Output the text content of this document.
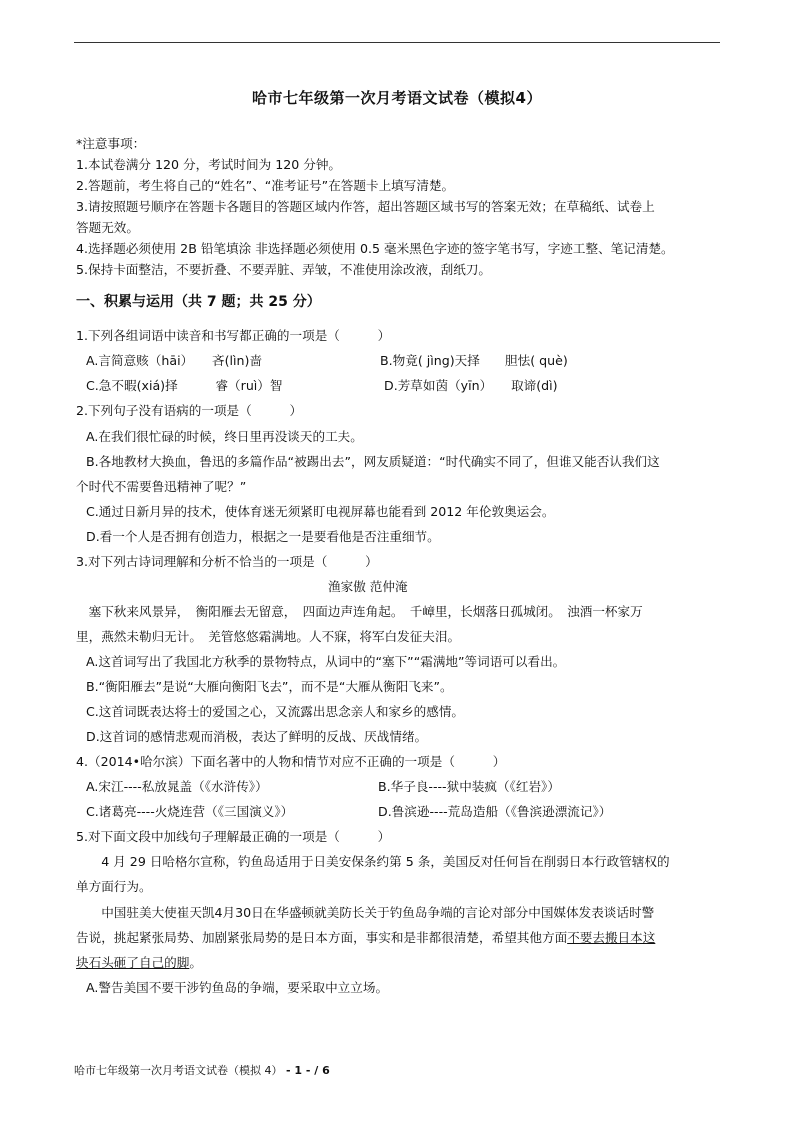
哈市七年级第一次月考语文试卷（模拟4）
*注意事项：
1.本试卷满分 120 分，考试时间为 120 分钟。
2.答题前，考生将自己的“姓名”、“准考证号”在答题卡上填写清楚。
3.请按照题号顺序在答题卡各题目的答题区域内作答，超出答题区域书写的答案无效；在草稿纸、试卷上
答题无效。
4.选择题必须使用 2B 铅笔填涂 非选择题必须使用 0.5 毫米黑色字迹的签字笔书写，字迹工整、笔记清楚。
5.保持卡面整洁，不要折叠、不要弄脏、弄皱，不准使用涂改液，刮纸刀。
一、积累与运用（共 7 题；共 25 分）
1.下列各组词语中读音和书写都正确的一项是（　　　）
A.言简意赅（hāi）　　吝(lìn)啬	B.物竟( jìng)天择　　胆怯( què)
C.急不暇(xiá)择　　　睿（ruì）智	D.芳草如茵（yīn）　　取谛(dì)
2.下列句子没有语病的一项是（　　　）
A.在我们很忙碌的时候，终日里再没谈天的工夫。
B.各地教材大换血，鲁迅的多篇作品“被踢出去”，网友质疑道：“时代确实不同了，但谁又能否认我们这
个时代不需要鲁迅精神了呢？”
C.通过日新月异的技术，使体育迷无须紧盯电视屏幕也能看到 2012 年伦敦奥运会。
D.看一个人是否拥有创造力，根据之一是要看他是否注重细节。
3.对下列古诗词理解和分析不恰当的一项是（　　　）
渔家傲 范仲淹
　塞下秋来风景异，　衡阳雁去无留意，　四面边声连角起。　千嶂里，长烟落日孤城闭。　浊酒一杯家万
里，燕然未勒归无计。　羌管悠悠霜满地。人不寐，将军白发征夫泪。
A.这首词写出了我国北方秋季的景物特点，从词中的“塞下”“霜满地”等词语可以看出。
B.“衡阳雁去”是说“大雁向衡阳飞去”，而不是“大雁从衡阳飞来”。
C.这首词既表达将士的爱国之心，又流露出思念亲人和家乡的感情。
D.这首词的感情悲观而消极，表达了鲜明的反战、厌战情绪。
4.（2014•哈尔滨）下面名著中的人物和情节对应不正确的一项是（　　　）
A.宋江----私放晁盖（《水浒传》）	B.华子良----狱中装疯（《红岩》）
C.诸葛亮----火烧连营（《三国演义》）	D.鲁滨逊----荒岛造船（《鲁滨逊漂流记》）
5.对下面文段中加线句子理解最正确的一项是（　　　）
　　4 月 29 日哈格尔宣称，钓鱼岛适用于日美安保条约第 5 条，美国反对任何旨在削弱日本行政管辖权的
单方面行为。
　　中国驻美大使崔天凯4月30日在华盛顿就美防长关于钓鱼岛争端的言论对部分中国媒体发表谈话时警
告说，挑起紧张局势、加剧紧张局势的是日本方面，事实和是非都很清楚，希望其他方面不要去搬日本这
块石头砸了自己的脚。
A.警告美国不要干涉钓鱼岛的争端，要采取中立立场。
哈市七年级第一次月考语文试卷（模拟 4） - 1 - / 6
